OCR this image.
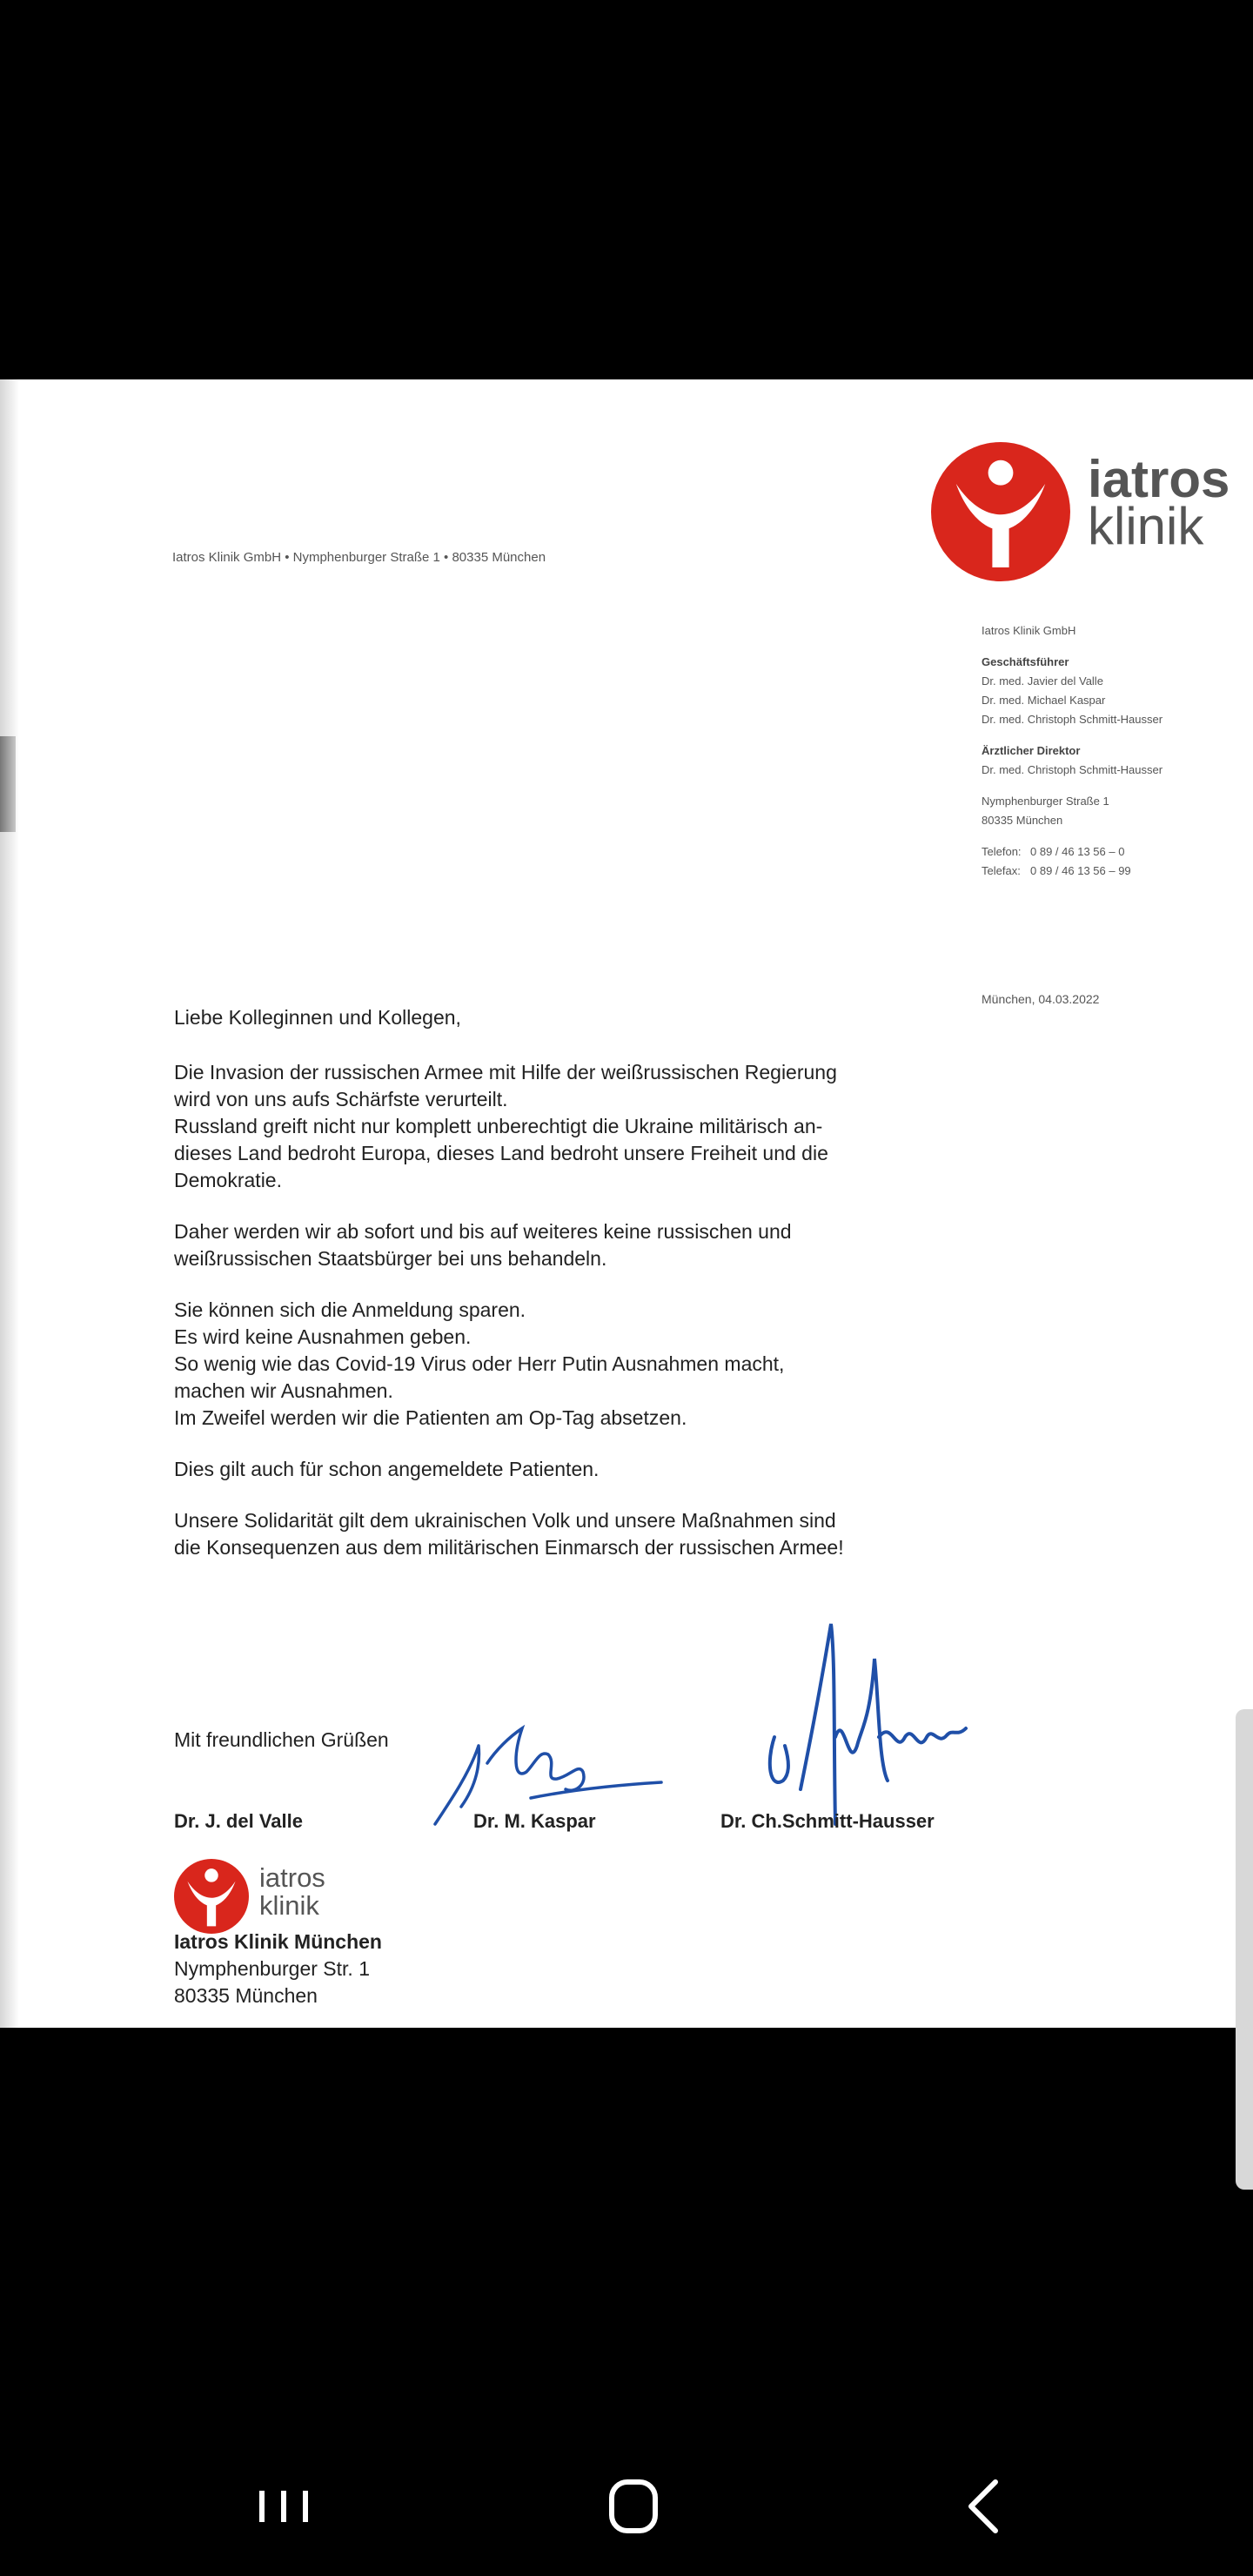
iatros
klinik
Iatros Klinik GmbH • Nymphenburger Straße 1 • 80335 München
Iatros Klinik GmbH
Geschäftsführer
Dr. med. Javier del Valle
Dr. med. Michael Kaspar
Dr. med. Christoph Schmitt-Hausser
Ärztlicher Direktor
Dr. med. Christoph Schmitt-Hausser
Nymphenburger Straße 1
80335 München
Telefon: 0 89 / 46 13 56 – 0
Telefax: 0 89 / 46 13 56 – 99
München, 04.03.2022

Liebe Kolleginnen und Kollegen,

Die Invasion der russischen Armee mit Hilfe der weißrussischen Regierung
wird von uns aufs Schärfste verurteilt.
Russland greift nicht nur komplett unberechtigt die Ukraine militärisch an-
dieses Land bedroht Europa, dieses Land bedroht unsere Freiheit und die
Demokratie.

Daher werden wir ab sofort und bis auf weiteres keine russischen und
weißrussischen Staatsbürger bei uns behandeln.

Sie können sich die Anmeldung sparen.
Es wird keine Ausnahmen geben.
So wenig wie das Covid-19 Virus oder Herr Putin Ausnahmen macht,
machen wir Ausnahmen.
Im Zweifel werden wir die Patienten am Op-Tag absetzen.

Dies gilt auch für schon angemeldete Patienten.

Unsere Solidarität gilt dem ukrainischen Volk und unsere Maßnahmen sind
die Konsequenzen aus dem militärischen Einmarsch der russischen Armee!

Mit freundlichen Grüßen
Dr. J. del Valle	Dr. M. Kaspar	Dr. Ch.Schmitt-Hausser
iatros
klinik
Iatros Klinik München
Nymphenburger Str. 1
80335 München
